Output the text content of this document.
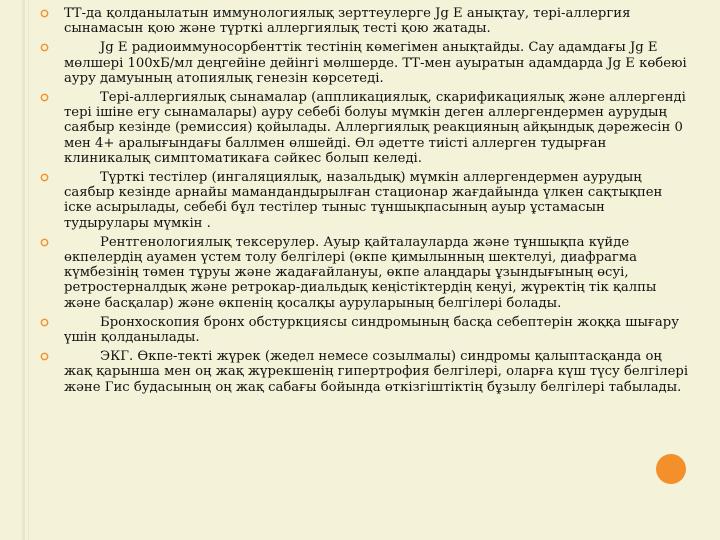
ТТ-да қолданылатын иммунологиялық зерттеулерге Jg E анықтау, тері-аллергия сынамасын қою және түрткі аллергиялық тесті қою жатады.
Jg E радиоиммуносорбенттік тестінің көмегімен анықтайды. Сау адамдағы Jg E мөлшері 100хБ/мл деңгейіне дейінгі мөлшерде. ТТ-мен ауыратын адамдарда Jg E көбеюі ауру дамуының атопиялық генезін көрсетеді.
Тері-аллергиялық сынамалар (аппликациялық, скарификациялық және аллергенді тері ішіне егу сынамалары) ауру себебі болуы мүмкін деген аллергендермен аурудың саябыр кезінде (ремиссия) қойылады. Аллергиялық реакцияның айқындық дәрежесін 0 мен 4+ аралығындағы баллмен өлшейді. Өл әдетте тиісті аллерген тудырған клиникалық симптоматикаға сәйкес болып келеді.
Түрткі тестілер (ингаляциялық, назальдық) мүмкін аллергендермен аурудың саябыр кезінде арнайы мамандандырылған стационар жағдайында үлкен сақтықпен іске асырылады, себебі бұл тестілер тыныс тұншықпасының ауыр ұстамасын тудырулары мүмкін .
Рентгенологиялық тексерулер. Ауыр қайталауларда және тұншықпа күйде өкпелердің ауамен үстем толу белгілері (өкпе қимылынның шектелуі, диафрагма күмбезінің төмен тұруы және жадағайлануы, өкпе алаңдары ұзындығының өсуі, ретростерналдық және ретрокар-диальдық кеңістіктердің кеңуі, жүректің тік қалпы және басқалар) және өкпенің қосалқы ауруларының белгілері болады.
Бронхоскопия бронх обстуркциясы синдромының басқа себептерін жоққа шығару үшін қолданылады.
ЭКГ. Өкпе-текті жүрек (жедел немесе созылмалы) синдромы қалыптасқанда оң жақ қарынша мен оң жақ жүрекшенің гипертрофия белгілері, оларға күш түсу белгілері және Гис будасының оң жақ сабағы бойында өткізгіштіктің бұзылу белгілері табылады.
